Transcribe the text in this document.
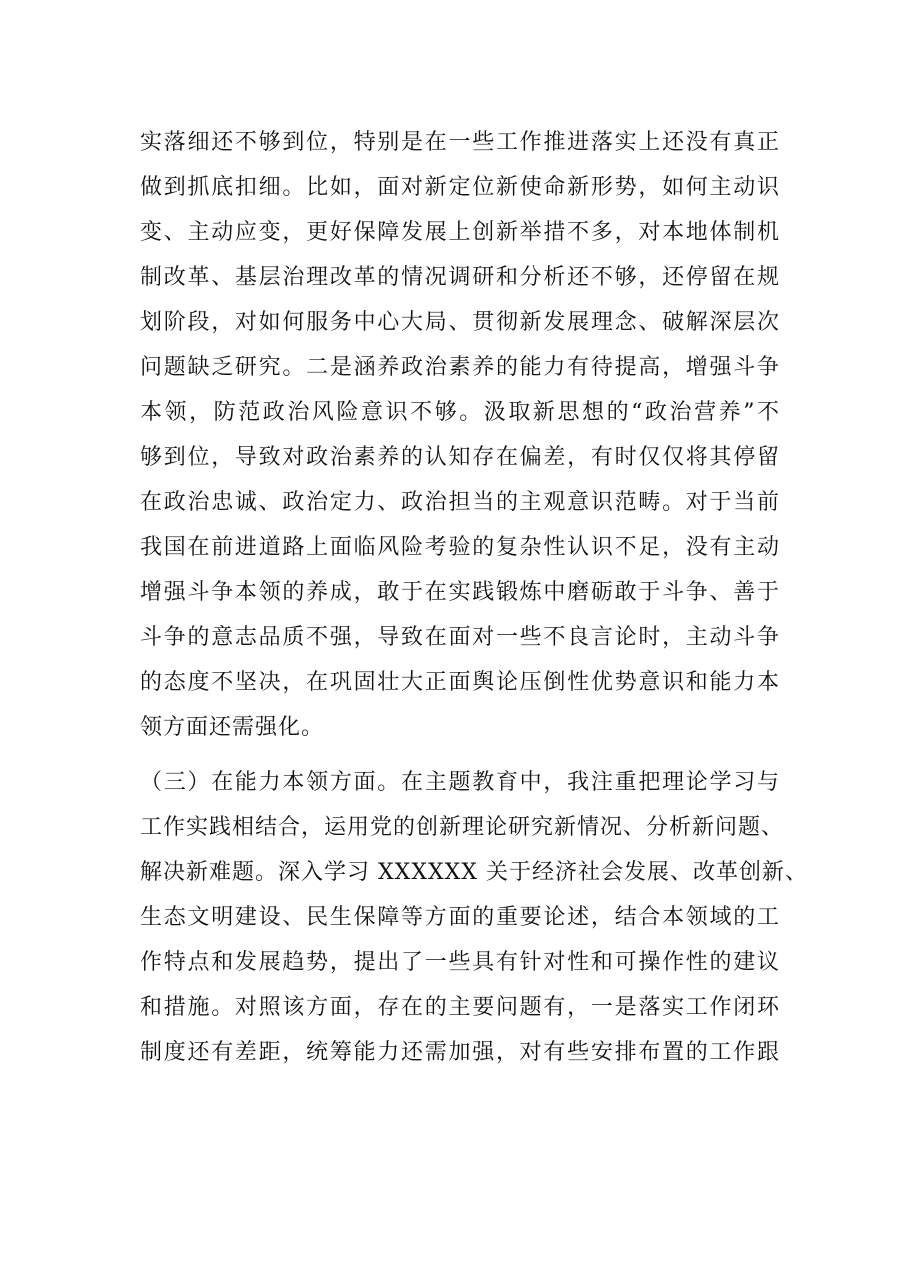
实落细还不够到位，特别是在一些工作推进落实上还没有真正
做到抓底扣细。比如，面对新定位新使命新形势，如何主动识
变、主动应变，更好保障发展上创新举措不多，对本地体制机
制改革、基层治理改革的情况调研和分析还不够，还停留在规
划阶段，对如何服务中心大局、贯彻新发展理念、破解深层次
问题缺乏研究。二是涵养政治素养的能力有待提高，增强斗争
本领，防范政治风险意识不够。汲取新思想的“政治营养”不
够到位，导致对政治素养的认知存在偏差，有时仅仅将其停留
在政治忠诚、政治定力、政治担当的主观意识范畴。对于当前
我国在前进道路上面临风险考验的复杂性认识不足，没有主动
增强斗争本领的养成，敢于在实践锻炼中磨砺敢于斗争、善于
斗争的意志品质不强，导致在面对一些不良言论时，主动斗争
的态度不坚决，在巩固壮大正面舆论压倒性优势意识和能力本
领方面还需强化。
（三）在能力本领方面。在主题教育中，我注重把理论学习与
工作实践相结合，运用党的创新理论研究新情况、分析新问题、
解决新难题。深入学习 XXXXXX 关于经济社会发展、改革创新、
生态文明建设、民生保障等方面的重要论述，结合本领域的工
作特点和发展趋势，提出了一些具有针对性和可操作性的建议
和措施。对照该方面，存在的主要问题有，一是落实工作闭环
制度还有差距，统筹能力还需加强，对有些安排布置的工作跟
